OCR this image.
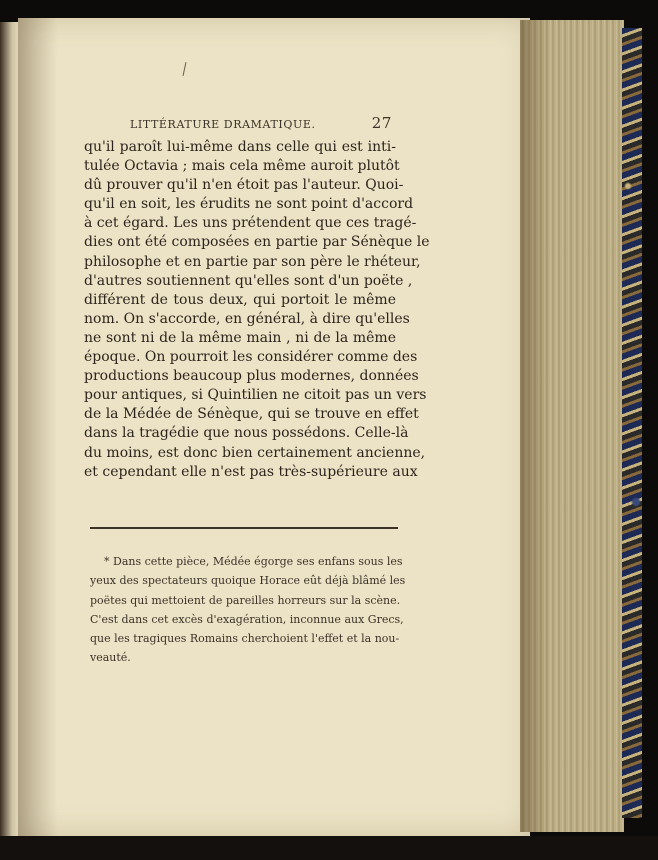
LITTÉRATURE DRAMATIQUE.	27
qu'il paroît lui-même dans celle qui est inti-
tulée Octavia ; mais cela même auroit plutôt
dû prouver qu'il n'en étoit pas l'auteur. Quoi-
qu'il en soit, les érudits ne sont point d'accord
à cet égard. Les uns prétendent que ces tragé-
dies ont été composées en partie par Sénèque le
philosophe et en partie par son père le rhéteur,
d'autres soutiennent qu'elles sont d'un poëte ,
différent de tous deux, qui portoit le même
nom. On s'accorde, en général, à dire qu'elles
ne sont ni de la même main , ni de la même
époque. On pourroit les considérer comme des
productions beaucoup plus modernes, données
pour antiques, si Quintilien ne citoit pas un vers
de la Médée de Sénèque, qui se trouve en effet
dans la tragédie que nous possédons. Celle-là
du moins, est donc bien certainement ancienne,
et cependant elle n'est pas très-supérieure aux
* Dans cette pièce, Médée égorge ses enfans sous les
yeux des spectateurs quoique Horace eût déjà blâmé les
poëtes qui mettoient de pareilles horreurs sur la scène.
C'est dans cet excès d'exagération, inconnue aux Grecs,
que les tragiques Romains cherchoient l'effet et la nou-
veauté.
